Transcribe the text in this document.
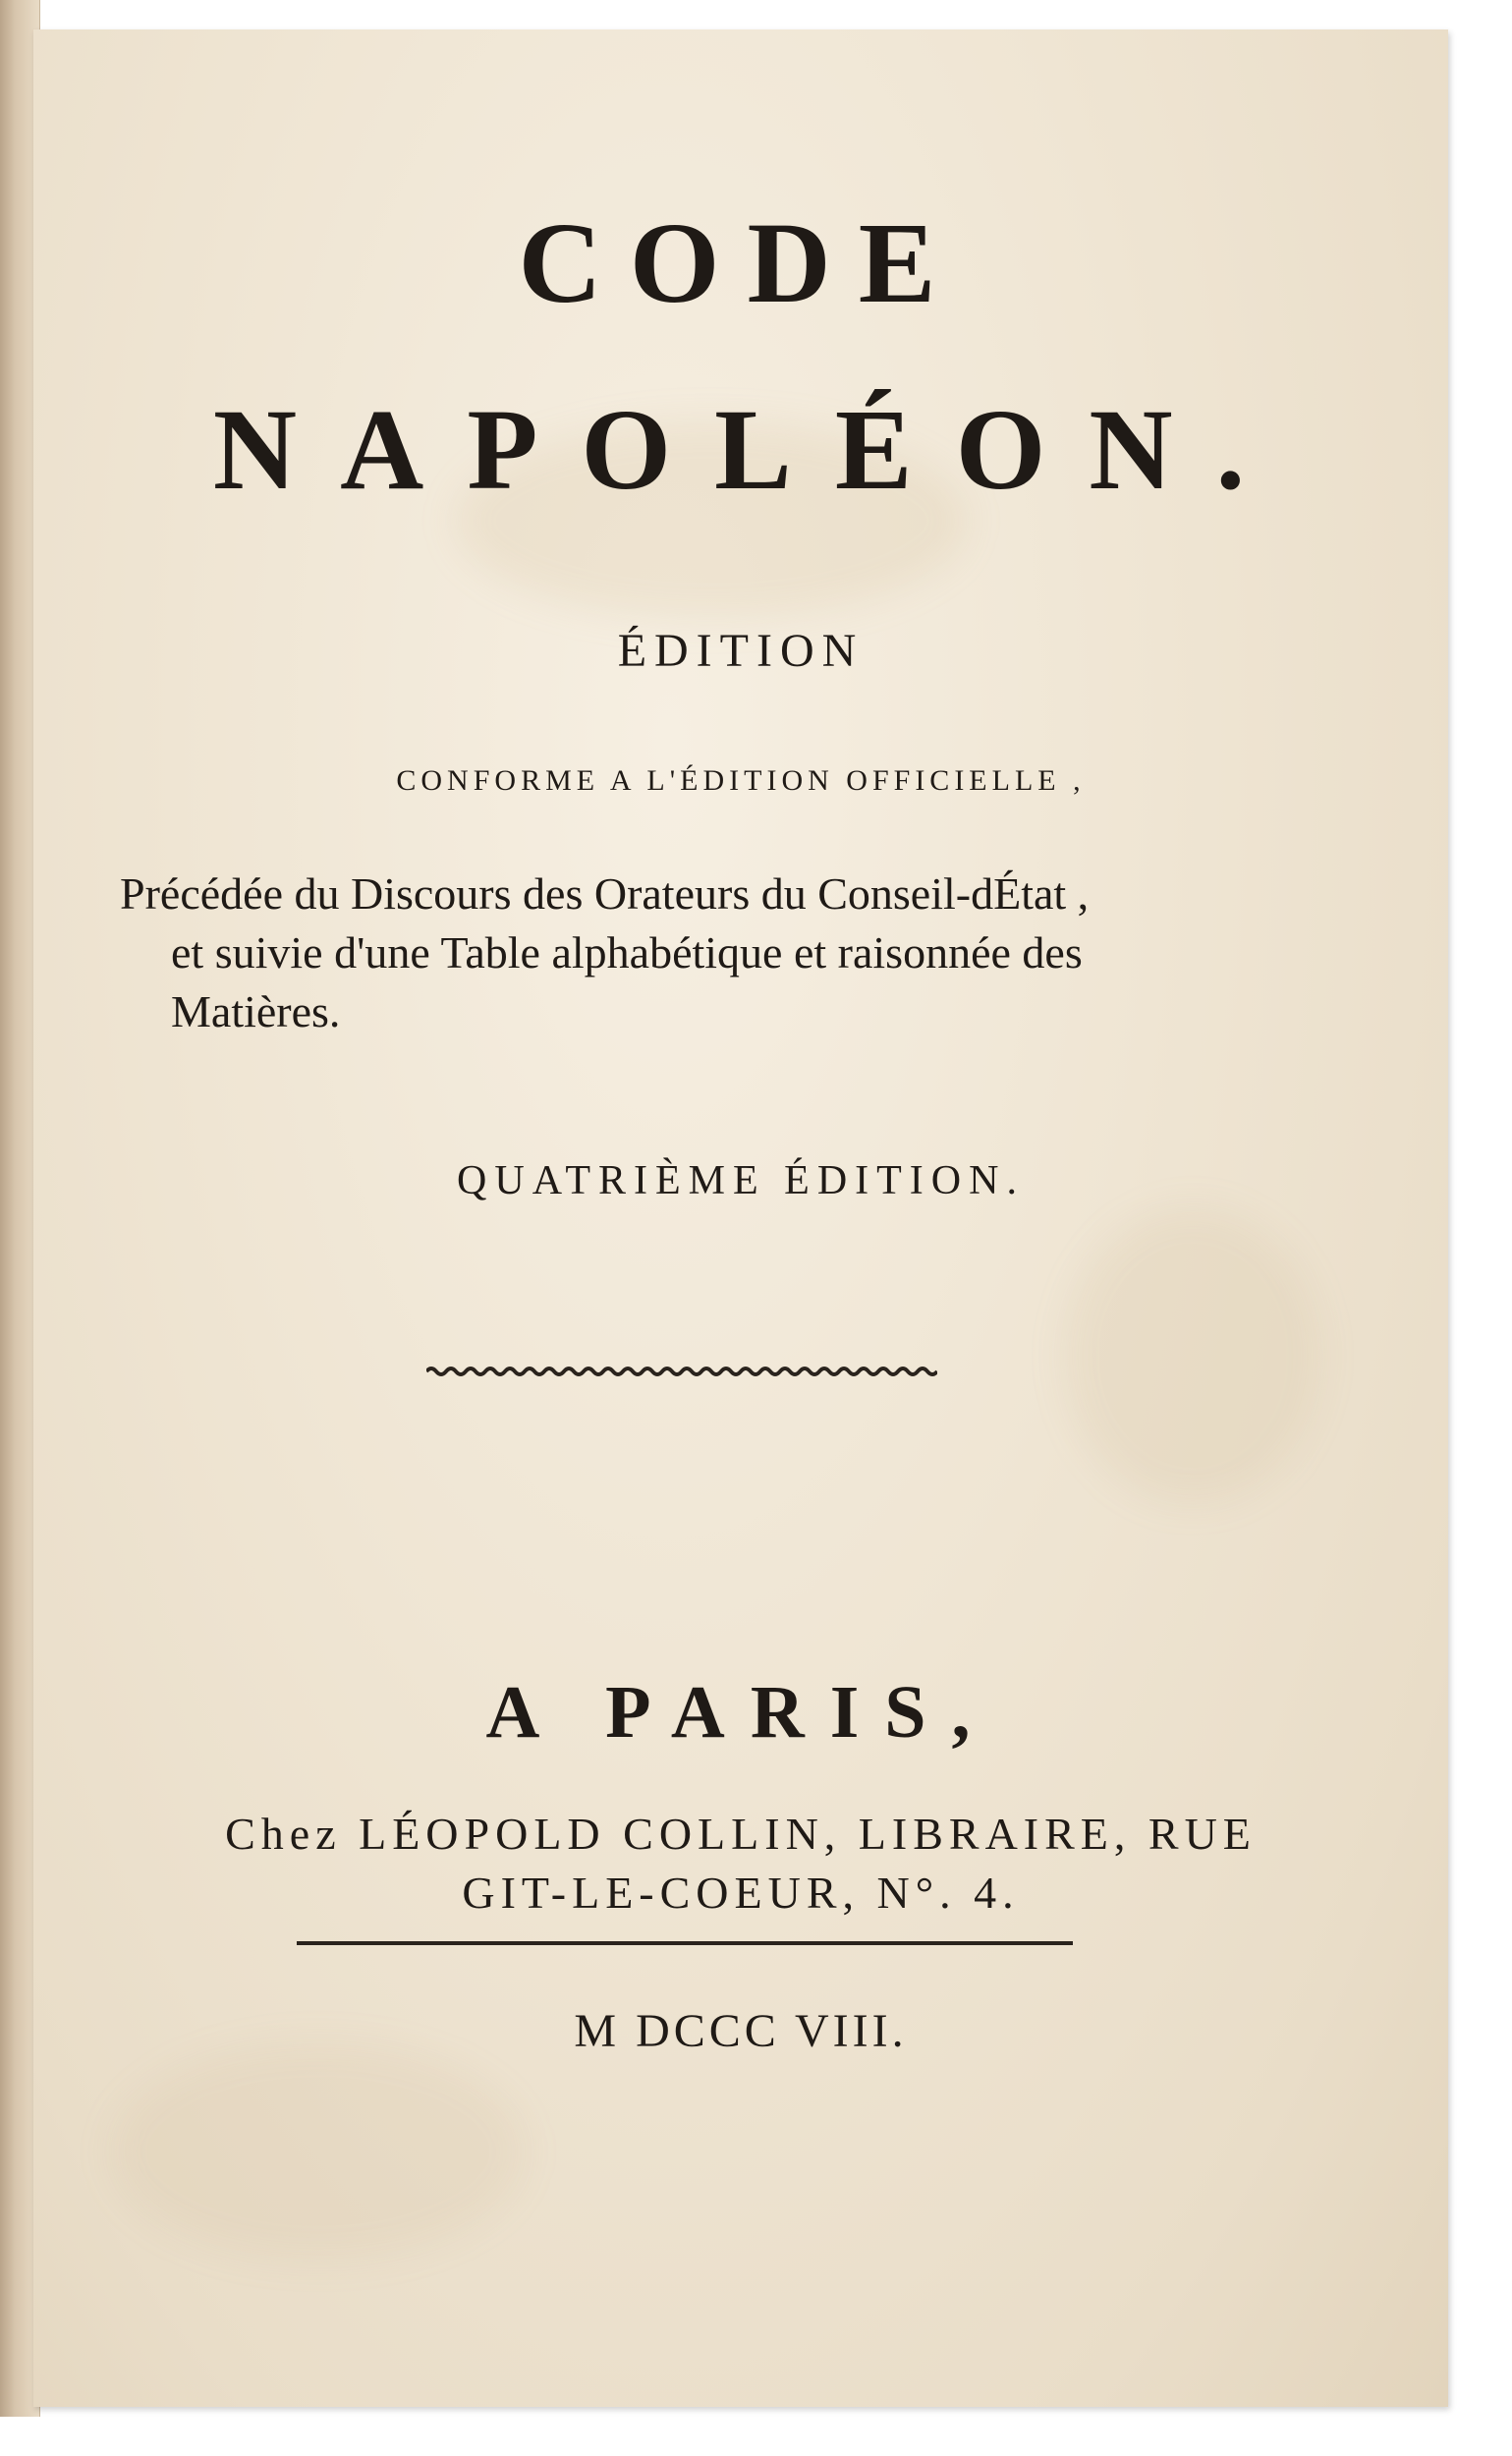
CODE
NAPOLÉON.
ÉDITION
CONFORME A L'ÉDITION OFFICIELLE ,
Précédée du Discours des Orateurs du Conseil-dÉtat ,
et suivie d'une Table alphabétique et raisonnée des
Matières.
QUATRIÈME ÉDITION.
A PARIS,
Chez LÉOPOLD COLLIN, LIBRAIRE, RUE
GIT-LE-COEUR, N°. 4.
M DCCC VIII.
